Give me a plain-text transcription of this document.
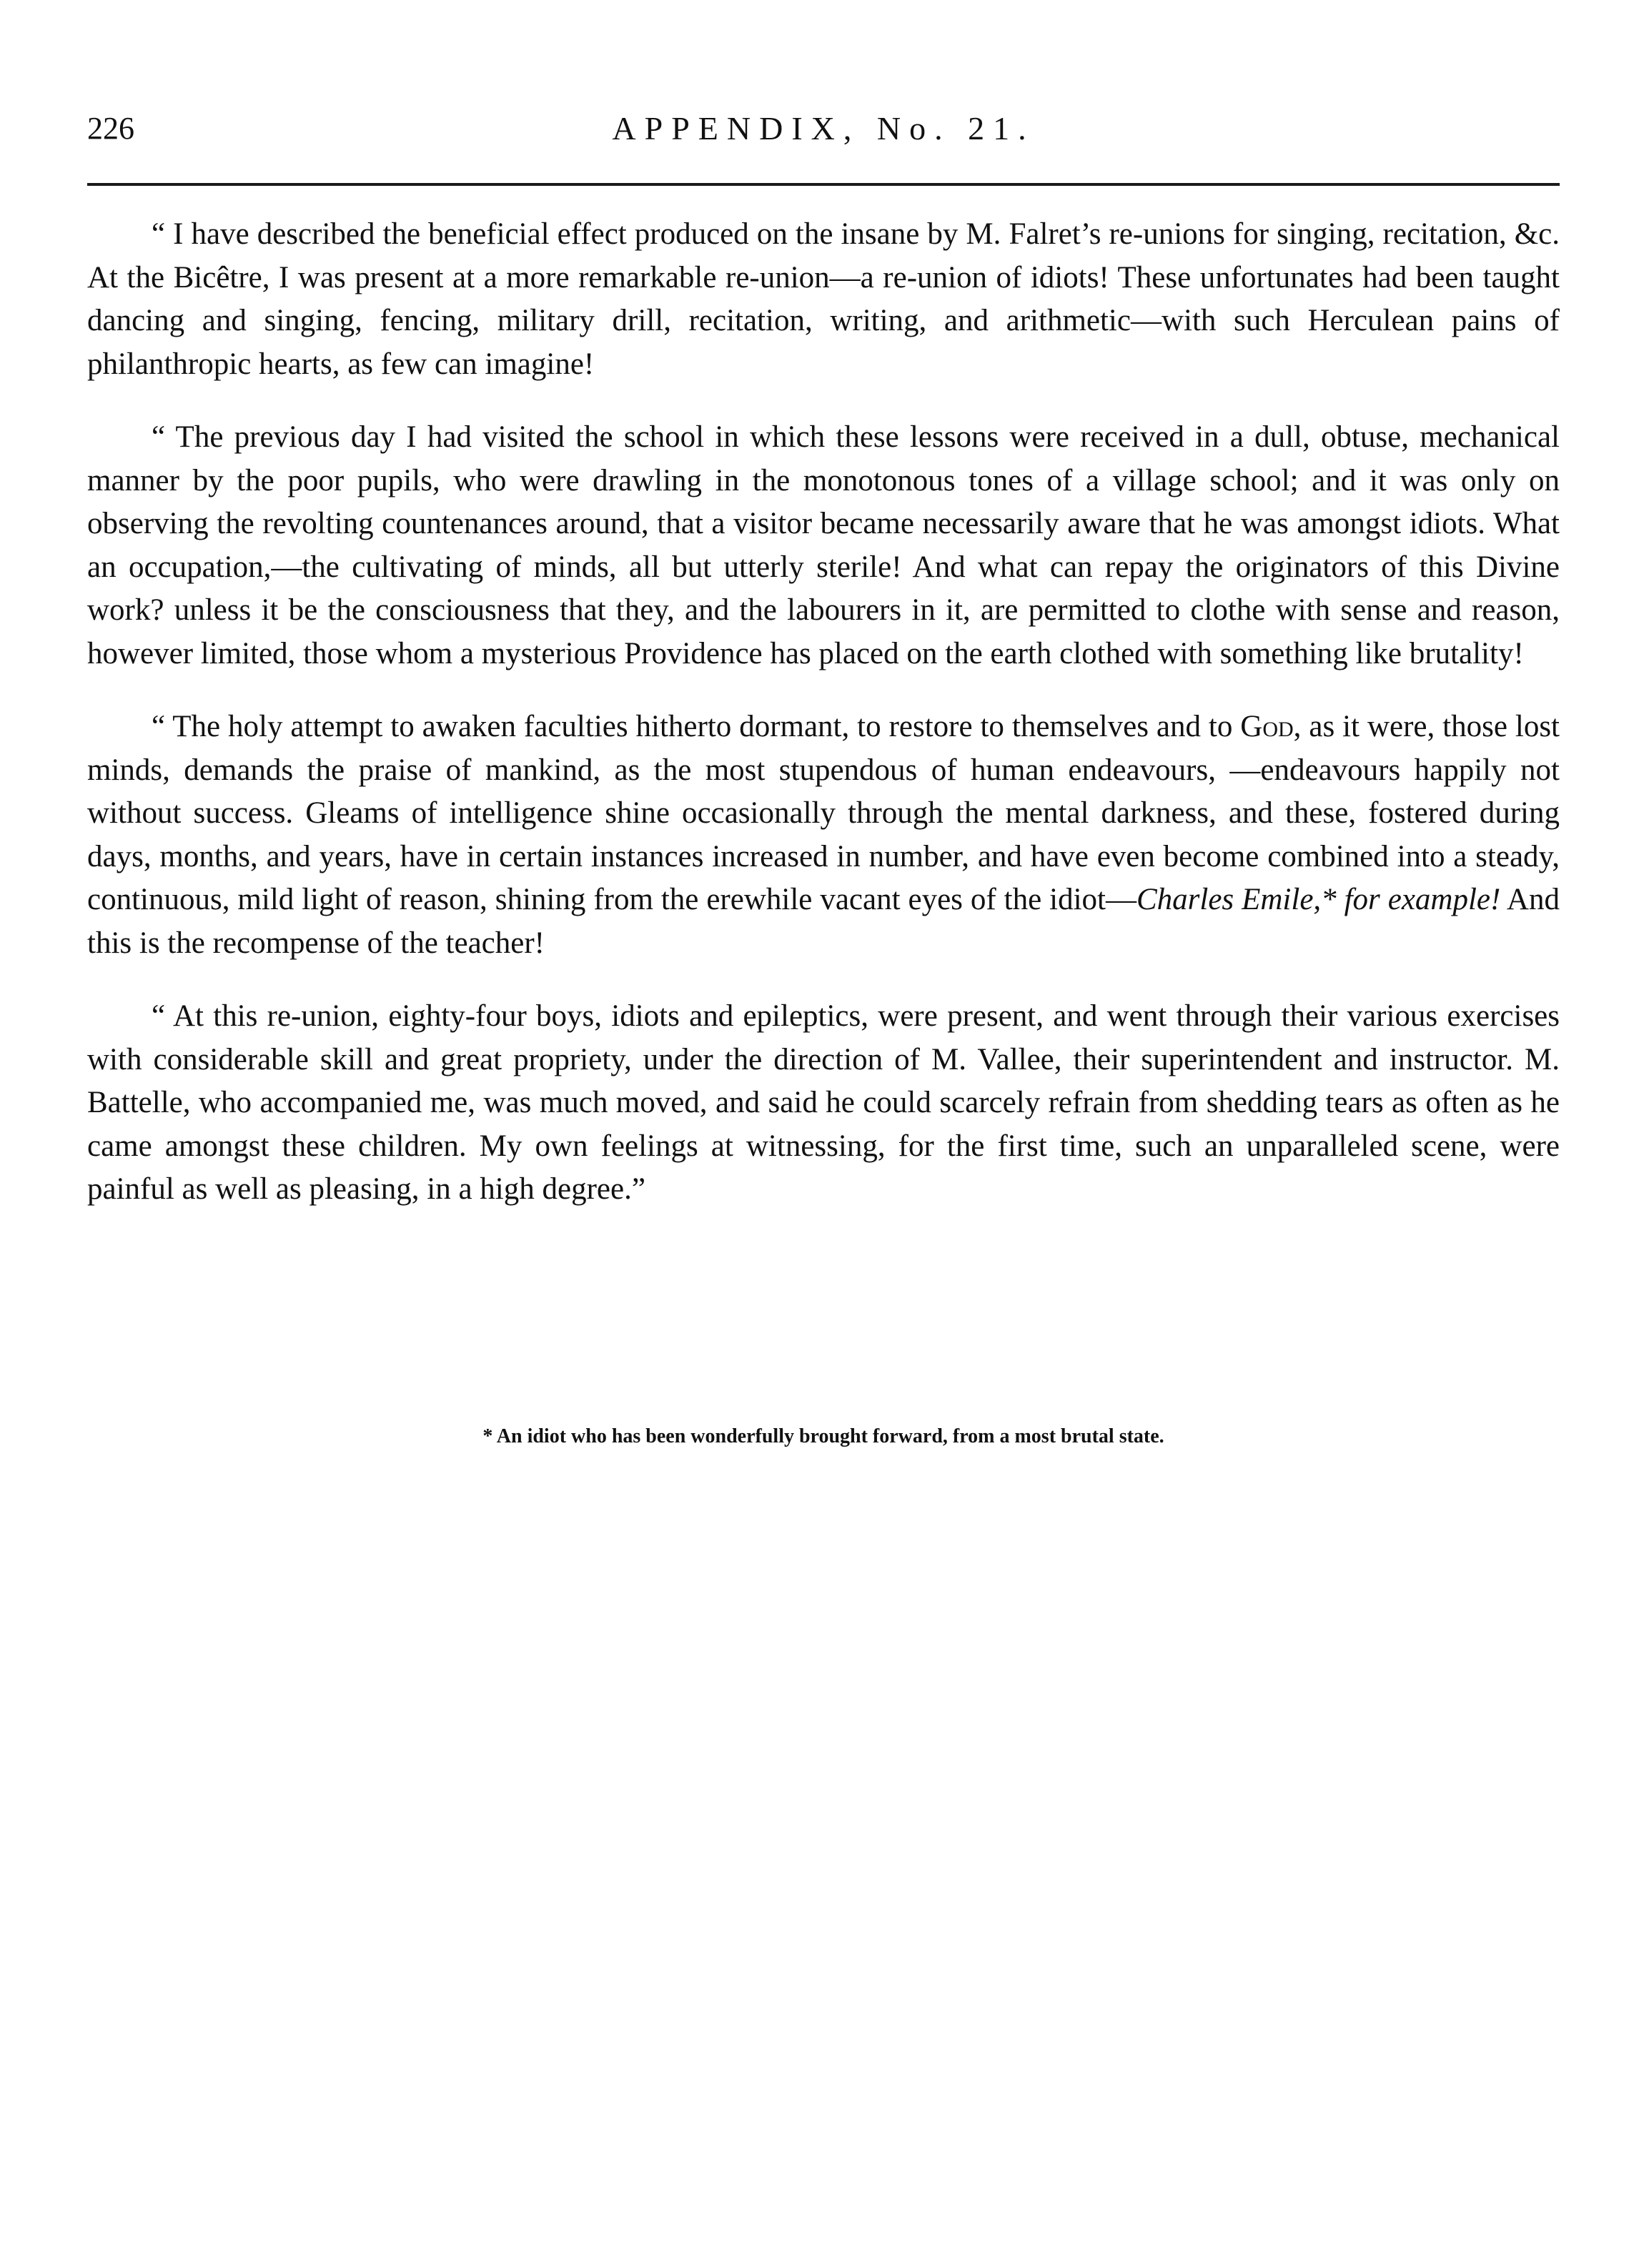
226	APPENDIX, No. 21.

“ I have described the beneficial effect produced on the insane by M. Falret’s re-unions for singing, recitation, &c. At the Bicêtre, I was present at a more remarkable re-union—a re-union of idiots! These unfortunates had been taught dancing and singing, fencing, military drill, recitation, writing, and arithmetic—with such Herculean pains of philanthropic hearts, as few can imagine!

“ The previous day I had visited the school in which these lessons were received in a dull, obtuse, mechanical manner by the poor pupils, who were drawling in the monotonous tones of a village school; and it was only on observing the revolting countenances around, that a visitor became necessarily aware that he was amongst idiots. What an occupation,—the cultivating of minds, all but utterly sterile! And what can repay the originators of this Divine work? unless it be the consciousness that they, and the labourers in it, are permitted to clothe with sense and reason, however limited, those whom a mysterious Providence has placed on the earth clothed with something like brutality!

“ The holy attempt to awaken faculties hitherto dormant, to restore to themselves and to God, as it were, those lost minds, demands the praise of mankind, as the most stupendous of human endeavours, —endeavours happily not without success. Gleams of intelligence shine occasionally through the mental darkness, and these, fostered during days, months, and years, have in certain instances increased in number, and have even become combined into a steady, continuous, mild light of reason, shining from the erewhile vacant eyes of the idiot—Charles Emile,* for example! And this is the recompense of the teacher!

“ At this re-union, eighty-four boys, idiots and epileptics, were present, and went through their various exercises with considerable skill and great propriety, under the direction of M. Vallee, their superintendent and instructor. M. Battelle, who accompanied me, was much moved, and said he could scarcely refrain from shedding tears as often as he came amongst these children. My own feelings at witnessing, for the first time, such an unparalleled scene, were painful as well as pleasing, in a high degree.”

* An idiot who has been wonderfully brought forward, from a most brutal state.
